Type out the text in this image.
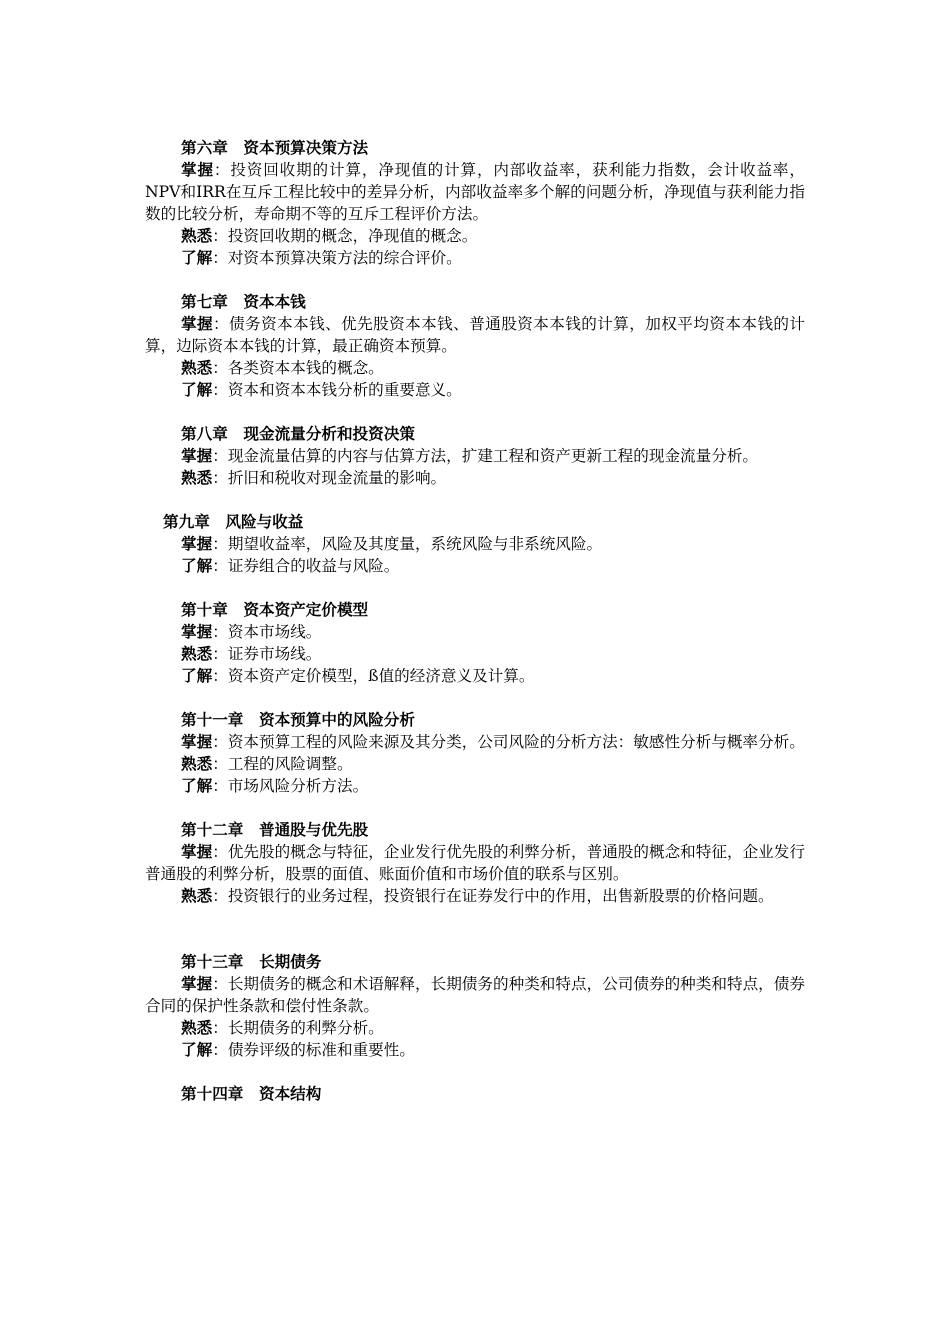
第六章　资本预算决策方法
掌握：投资回收期的计算，净现值的计算，内部收益率，获利能力指数，会计收益率，NPV和IRR在互斥工程比较中的差异分析，内部收益率多个解的问题分析，净现值与获利能力指数的比较分析，寿命期不等的互斥工程评价方法。
熟悉：投资回收期的概念，净现值的概念。
了解：对资本预算决策方法的综合评价。
第七章　资本本钱
掌握：债务资本本钱、优先股资本本钱、普通股资本本钱的计算，加权平均资本本钱的计算，边际资本本钱的计算，最正确资本预算。
熟悉：各类资本本钱的概念。
了解：资本和资本本钱分析的重要意义。
第八章　现金流量分析和投资决策
掌握：现金流量估算的内容与估算方法，扩建工程和资产更新工程的现金流量分析。
熟悉：折旧和税收对现金流量的影响。
第九章　风险与收益
掌握：期望收益率，风险及其度量，系统风险与非系统风险。
了解：证券组合的收益与风险。
第十章　资本资产定价模型
掌握：资本市场线。
熟悉：证券市场线。
了解：资本资产定价模型，ß值的经济意义及计算。
第十一章　资本预算中的风险分析
掌握：资本预算工程的风险来源及其分类，公司风险的分析方法：敏感性分析与概率分析。
熟悉：工程的风险调整。
了解：市场风险分析方法。
第十二章　普通股与优先股
掌握：优先股的概念与特征，企业发行优先股的利弊分析，普通股的概念和特征，企业发行普通股的利弊分析，股票的面值、账面价值和市场价值的联系与区别。
熟悉：投资银行的业务过程，投资银行在证券发行中的作用，出售新股票的价格问题。
第十三章　长期债务
掌握：长期债务的概念和术语解释，长期债务的种类和特点，公司债券的种类和特点，债券合同的保护性条款和偿付性条款。
熟悉：长期债务的利弊分析。
了解：债券评级的标准和重要性。
第十四章　资本结构
